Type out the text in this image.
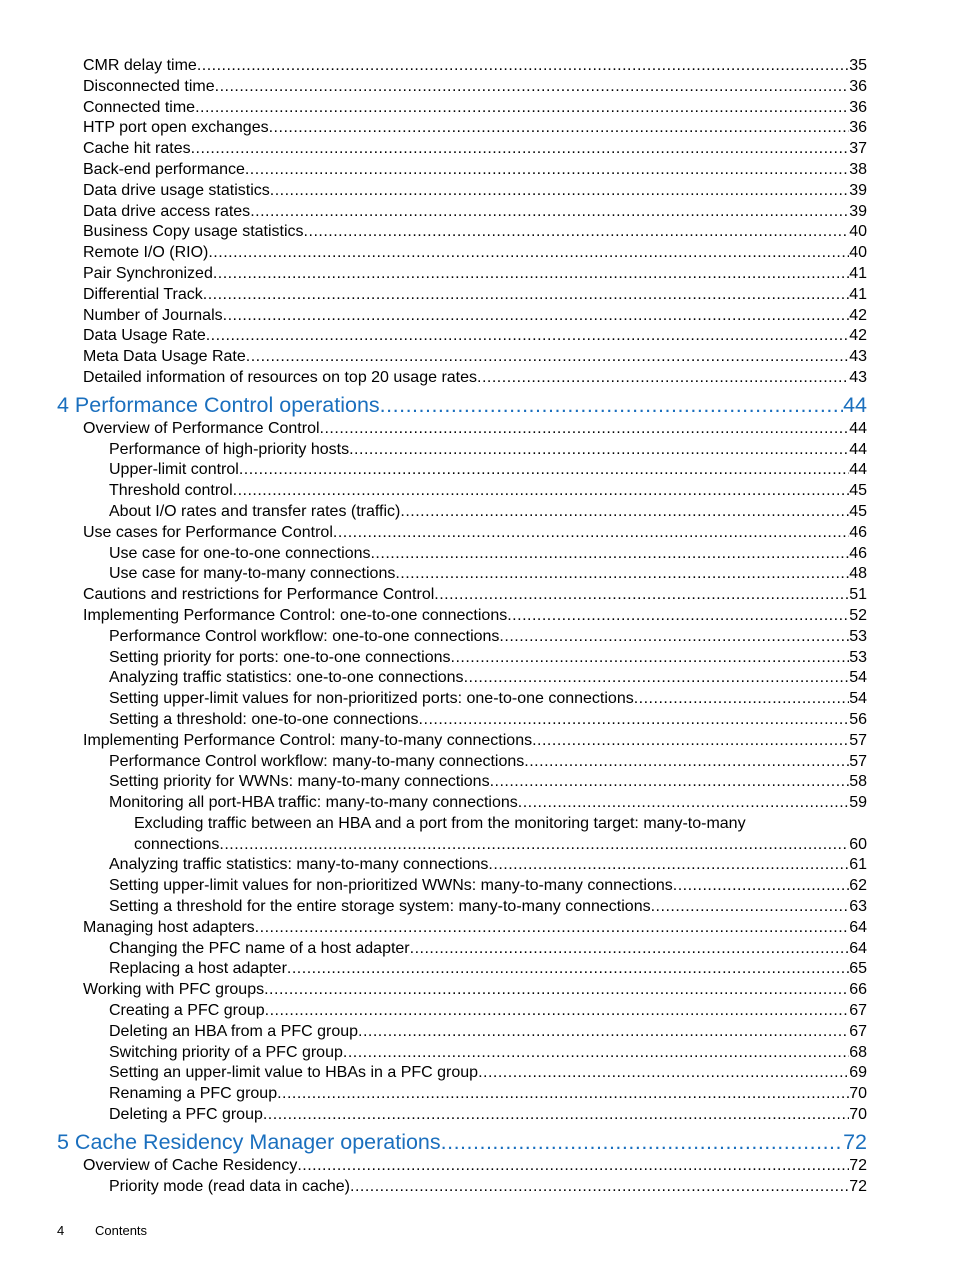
CMR delay time .....	35
Disconnected time .....	36
Connected time .....	36
HTP port open exchanges .....	36
Cache hit rates .....	37
Back-end performance .....	38
Data drive usage statistics .....	39
Data drive access rates .....	39
Business Copy usage statistics .....	40
Remote I/O (RIO) .....	40
Pair Synchronized .....	41
Differential Track .....	41
Number of Journals .....	42
Data Usage Rate .....	42
Meta Data Usage Rate .....	43
Detailed information of resources on top 20 usage rates .....	43
4 Performance Control operations .....	44
Overview of Performance Control .....	44
Performance of high-priority hosts .....	44
Upper-limit control .....	44
Threshold control .....	45
About I/O rates and transfer rates (traffic) .....	45
Use cases for Performance Control .....	46
Use case for one-to-one connections .....	46
Use case for many-to-many connections .....	48
Cautions and restrictions for Performance Control .....	51
Implementing Performance Control: one-to-one connections .....	52
Performance Control workflow: one-to-one connections .....	53
Setting priority for ports: one-to-one connections .....	53
Analyzing traffic statistics: one-to-one connections .....	54
Setting upper-limit values for non-prioritized ports: one-to-one connections .....	54
Setting a threshold: one-to-one connections .....	56
Implementing Performance Control: many-to-many connections .....	57
Performance Control workflow: many-to-many connections .....	57
Setting priority for WWNs: many-to-many connections .....	58
Monitoring all port-HBA traffic: many-to-many connections .....	59
Excluding traffic between an HBA and a port from the monitoring target: many-to-many
connections .....	60
Analyzing traffic statistics: many-to-many connections .....	61
Setting upper-limit values for non-prioritized WWNs: many-to-many connections .....	62
Setting a threshold for the entire storage system: many-to-many connections .....	63
Managing host adapters .....	64
Changing the PFC name of a host adapter .....	64
Replacing a host adapter .....	65
Working with PFC groups .....	66
Creating a PFC group .....	67
Deleting an HBA from a PFC group .....	67
Switching priority of a PFC group .....	68
Setting an upper-limit value to HBAs in a PFC group .....	69
Renaming a PFC group .....	70
Deleting a PFC group .....	70
5 Cache Residency Manager operations .....	72
Overview of Cache Residency .....	72
Priority mode (read data in cache) .....	72
4 Contents
